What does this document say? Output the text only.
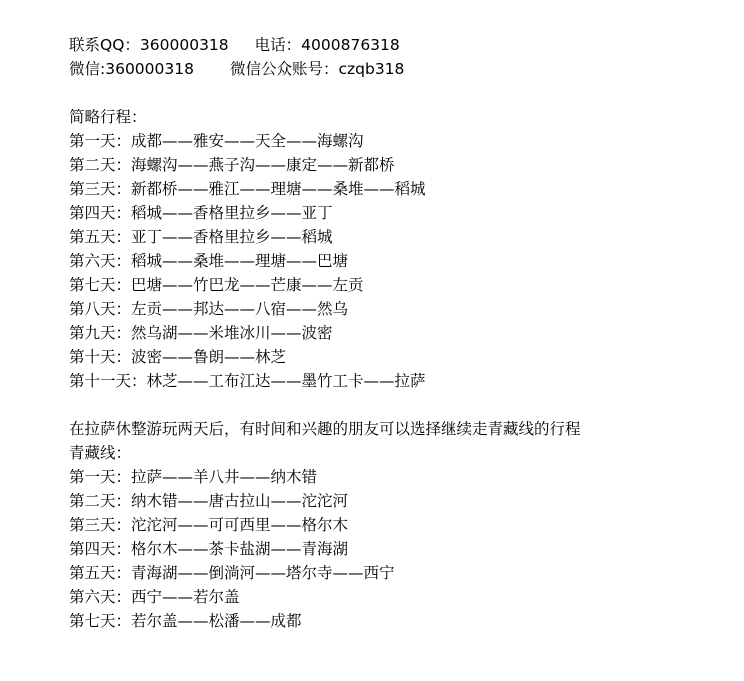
联系QQ：360000318 电话：4000876318
微信:360000318 微信公众账号：czqb318
简略行程：
第一天：成都——雅安——天全——海螺沟
第二天：海螺沟——燕子沟——康定——新都桥
第三天：新都桥——雅江——理塘——桑堆——稻城
第四天：稻城——香格里拉乡——亚丁
第五天：亚丁——香格里拉乡——稻城
第六天：稻城——桑堆——理塘——巴塘
第七天：巴塘——竹巴龙——芒康——左贡
第八天：左贡——邦达——八宿——然乌
第九天：然乌湖——米堆冰川——波密
第十天：波密——鲁朗——林芝
第十一天：林芝——工布江达——墨竹工卡——拉萨
在拉萨休整游玩两天后，有时间和兴趣的朋友可以选择继续走青藏线的行程
青藏线：
第一天：拉萨——羊八井——纳木错
第二天：纳木错——唐古拉山——沱沱河
第三天：沱沱河——可可西里——格尔木
第四天：格尔木——茶卡盐湖——青海湖
第五天：青海湖——倒淌河——塔尔寺——西宁
第六天：西宁——若尔盖
第七天：若尔盖——松潘——成都
